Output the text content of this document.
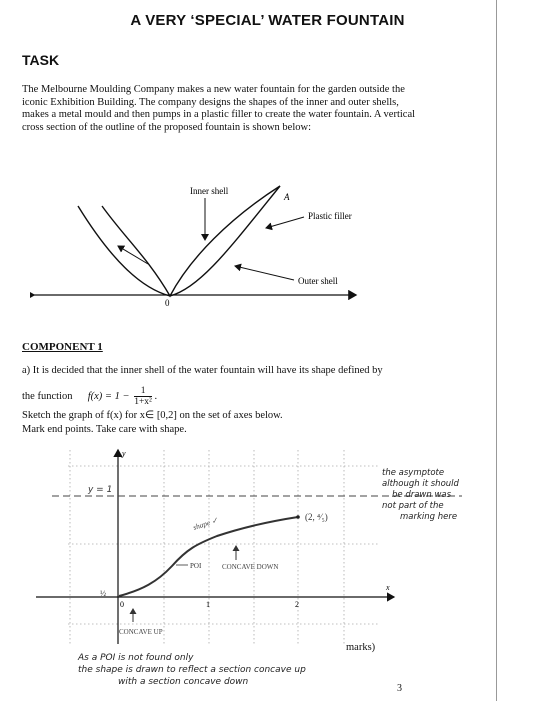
A VERY ‘SPECIAL’ WATER FOUNTAIN
TASK
The Melbourne Moulding Company makes a new water fountain for the garden outside the iconic Exhibition Building. The company designs the shapes of the inner and outer shells, makes a metal mould and then pumps in a plastic filler to create the water fountain. A vertical cross section of the outline of the proposed fountain is shown below:
Inner shell
A
Plastic filler
Outer shell
0
COMPONENT 1
a) It is decided that the inner shell of the water fountain will have its shape defined by
the function $f(x) = 1 - \frac{1}{\text{1+x²}}$ .
Sketch the graph of f(x) for x∈ [0,2] on the set of axes below.
Mark end points. Take care with shape.
y
x
0	1	2
y = 1
½
(2, ⁴⁄₅)
shape ✓
POI	CONCAVE DOWN
CONCAVE UP
the asymptote
although it should
be drawn was
not part of the
marking here
marks)
As a POI is not found only
the shape is drawn to reflect a section concave up
with a section concave down
3
